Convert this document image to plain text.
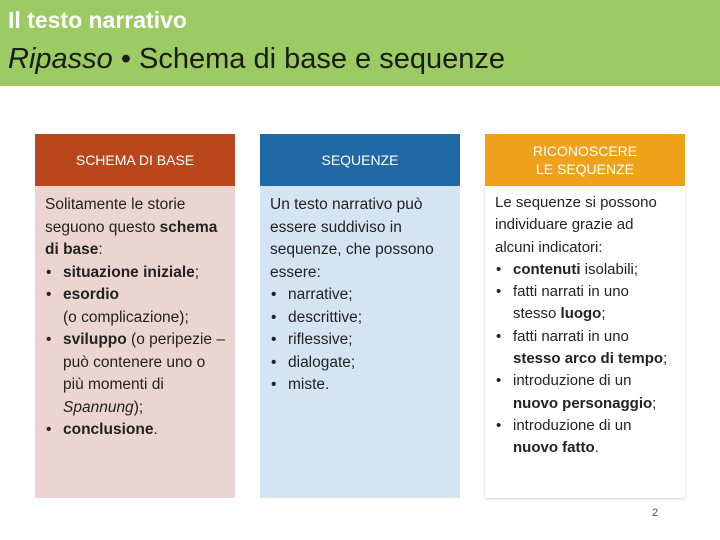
Il testo narrativo
Ripasso • Schema di base e sequenze
SCHEMA DI BASE
Solitamente le storie seguono questo schema di base:
• situazione iniziale;
• esordio
(o complicazione);
• sviluppo (o peripezie – può contenere uno o più momenti di Spannung);
• conclusione.
SEQUENZE
Un testo narrativo può essere suddiviso in sequenze, che possono essere:
• narrative;
• descrittive;
• riflessive;
• dialogate;
• miste.
RICONOSCERE
LE SEQUENZE
Le sequenze si possono individuare grazie ad alcuni indicatori:
• contenuti isolabili;
• fatti narrati in uno stesso luogo;
• fatti narrati in uno stesso arco di tempo;
• introduzione di un nuovo personaggio;
• introduzione di un nuovo fatto.
2
